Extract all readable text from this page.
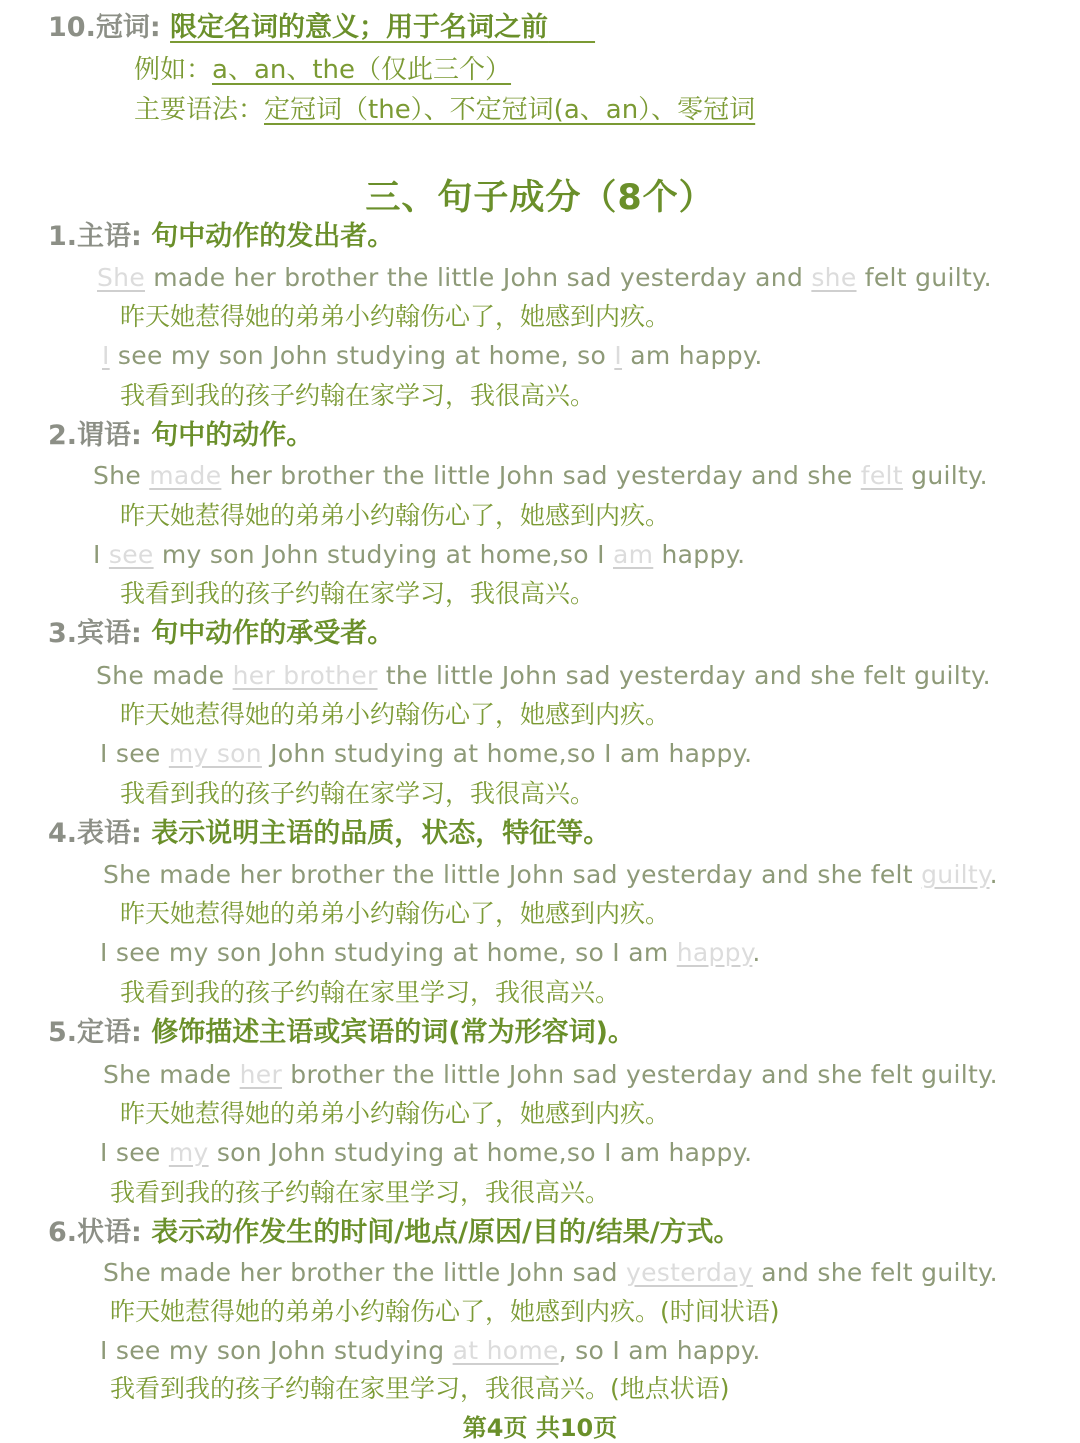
10.冠词: 限定名词的意义；用于名词之前
例如：a、an、the（仅此三个）
主要语法：定冠词（the）、不定冠词(a、an）、零冠词
三、句子成分（8个）
1.主语: 句中动作的发出者。
She made her brother the little John sad yesterday and she felt guilty.
昨天她惹得她的弟弟小约翰伤心了，她感到内疚。
I see my son John studying at home, so I am happy.
我看到我的孩子约翰在家学习，我很高兴。
2.谓语: 句中的动作。
She made her brother the little John sad yesterday and she felt guilty.
昨天她惹得她的弟弟小约翰伤心了，她感到内疚。
I see my son John studying at home,so I am happy.
我看到我的孩子约翰在家学习，我很高兴。
3.宾语: 句中动作的承受者。
She made her brother the little John sad yesterday and she felt guilty.
昨天她惹得她的弟弟小约翰伤心了，她感到内疚。
I see my son John studying at home,so I am happy.
我看到我的孩子约翰在家学习，我很高兴。
4.表语: 表示说明主语的品质，状态，特征等。
She made her brother the little John sad yesterday and she felt guilty.
昨天她惹得她的弟弟小约翰伤心了，她感到内疚。
I see my son John studying at home, so I am happy.
我看到我的孩子约翰在家里学习，我很高兴。
5.定语: 修饰描述主语或宾语的词(常为形容词)。
She made her brother the little John sad yesterday and she felt guilty.
昨天她惹得她的弟弟小约翰伤心了，她感到内疚。
I see my son John studying at home,so I am happy.
我看到我的孩子约翰在家里学习，我很高兴。
6.状语: 表示动作发生的时间/地点/原因/目的/结果/方式。
She made her brother the little John sad yesterday and she felt guilty.
昨天她惹得她的弟弟小约翰伤心了，她感到内疚。(时间状语)
I see my son John studying at home, so I am happy.
我看到我的孩子约翰在家里学习，我很高兴。(地点状语)
第4页 共10页
